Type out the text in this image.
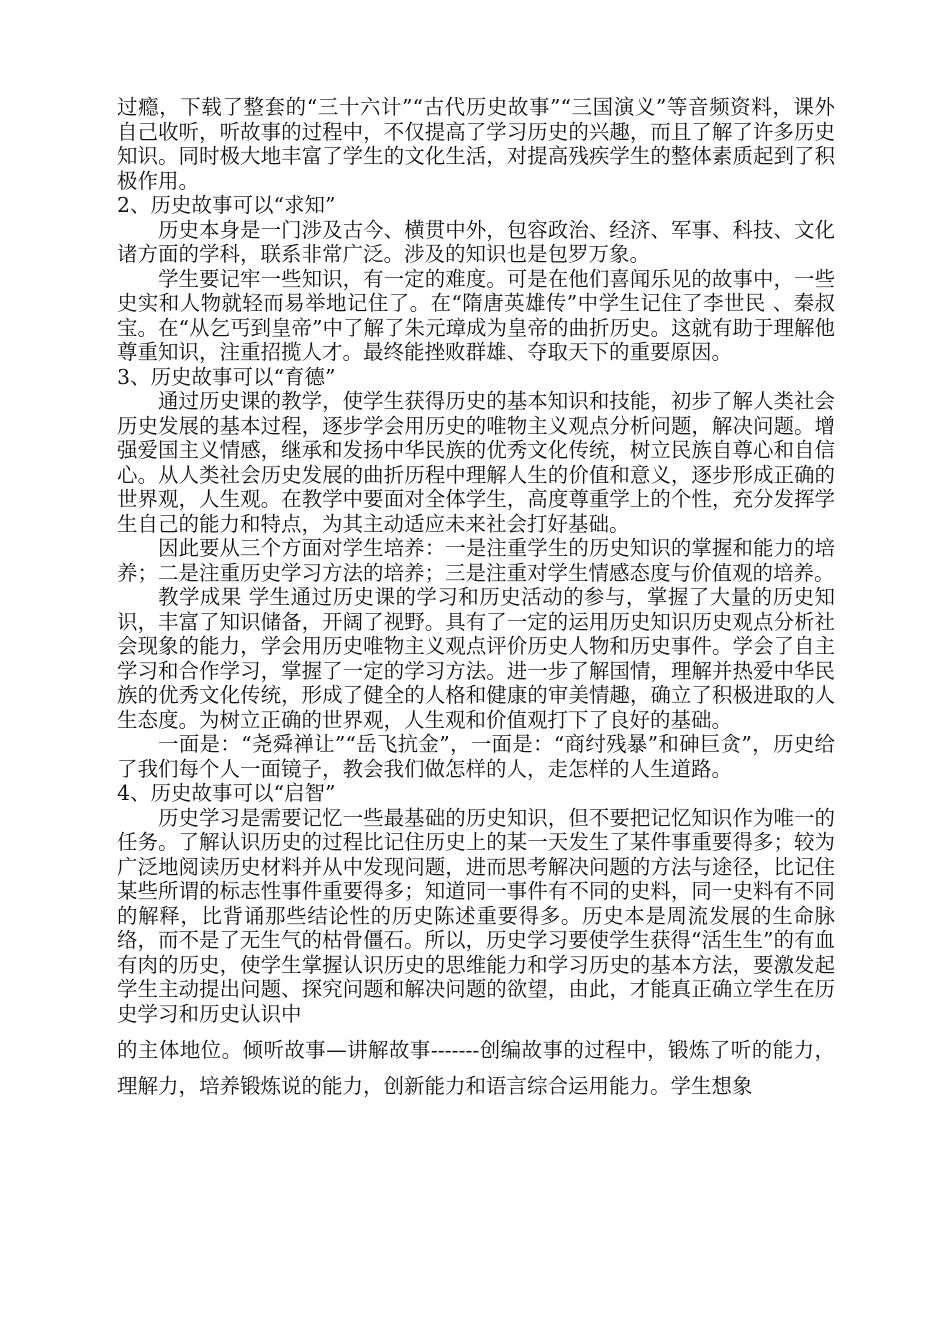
过瘾，下载了整套的“三十六计”“古代历史故事”“三国演义”等音频资料，课外自己收听，听故事的过程中，不仅提高了学习历史的兴趣，而且了解了许多历史知识。同时极大地丰富了学生的文化生活，对提高残疾学生的整体素质起到了积极作用。

2、历史故事可以“求知”

历史本身是一门涉及古今、横贯中外，包容政治、经济、军事、科技、文化诸方面的学科，联系非常广泛。涉及的知识也是包罗万象。

学生要记牢一些知识，有一定的难度。可是在他们喜闻乐见的故事中，一些史实和人物就轻而易举地记住了。在“隋唐英雄传”中学生记住了李世民 、秦叔宝。在“从乞丐到皇帝”中了解了朱元璋成为皇帝的曲折历史。这就有助于理解他尊重知识，注重招揽人才。最终能挫败群雄、夺取天下的重要原因。

3、历史故事可以“育德”

通过历史课的教学，使学生获得历史的基本知识和技能，初步了解人类社会历史发展的基本过程，逐步学会用历史的唯物主义观点分析问题，解决问题。增强爱国主义情感，继承和发扬中华民族的优秀文化传统，树立民族自尊心和自信心。从人类社会历史发展的曲折历程中理解人生的价值和意义，逐步形成正确的世界观，人生观。在教学中要面对全体学生，高度尊重学上的个性，充分发挥学生自己的能力和特点，为其主动适应未来社会打好基础。

因此要从三个方面对学生培养：一是注重学生的历史知识的掌握和能力的培养；二是注重历史学习方法的培养；三是注重对学生情感态度与价值观的培养。

教学成果 学生通过历史课的学习和历史活动的参与，掌握了大量的历史知识，丰富了知识储备，开阔了视野。具有了一定的运用历史知识历史观点分析社会现象的能力，学会用历史唯物主义观点评价历史人物和历史事件。学会了自主学习和合作学习，掌握了一定的学习方法。进一步了解国情，理解并热爱中华民族的优秀文化传统，形成了健全的人格和健康的审美情趣，确立了积极进取的人生态度。为树立正确的世界观，人生观和价值观打下了良好的基础。

一面是：“尧舜禅让”“岳飞抗金”，一面是：“商纣残暴”和砷巨贪”，历史给了我们每个人一面镜子，教会我们做怎样的人，走怎样的人生道路。

4、历史故事可以“启智”

历史学习是需要记忆一些最基础的历史知识，但不要把记忆知识作为唯一的任务。了解认识历史的过程比记住历史上的某一天发生了某件事重要得多；较为广泛地阅读历史材料并从中发现问题，进而思考解决问题的方法与途径，比记住某些所谓的标志性事件重要得多；知道同一事件有不同的史料，同一史料有不同的解释，比背诵那些结论性的历史陈述重要得多。历史本是周流发展的生命脉络，而不是了无生气的枯骨僵石。所以，历史学习要使学生获得“活生生”的有血有肉的历史，使学生掌握认识历史的思维能力和学习历史的基本方法，要激发起学生主动提出问题、探究问题和解决问题的欲望，由此，才能真正确立学生在历史学习和历史认识中

的主体地位。倾听故事—讲解故事-------创编故事的过程中，锻炼了听的能力，理解力，培养锻炼说的能力，创新能力和语言综合运用能力。学生想象
